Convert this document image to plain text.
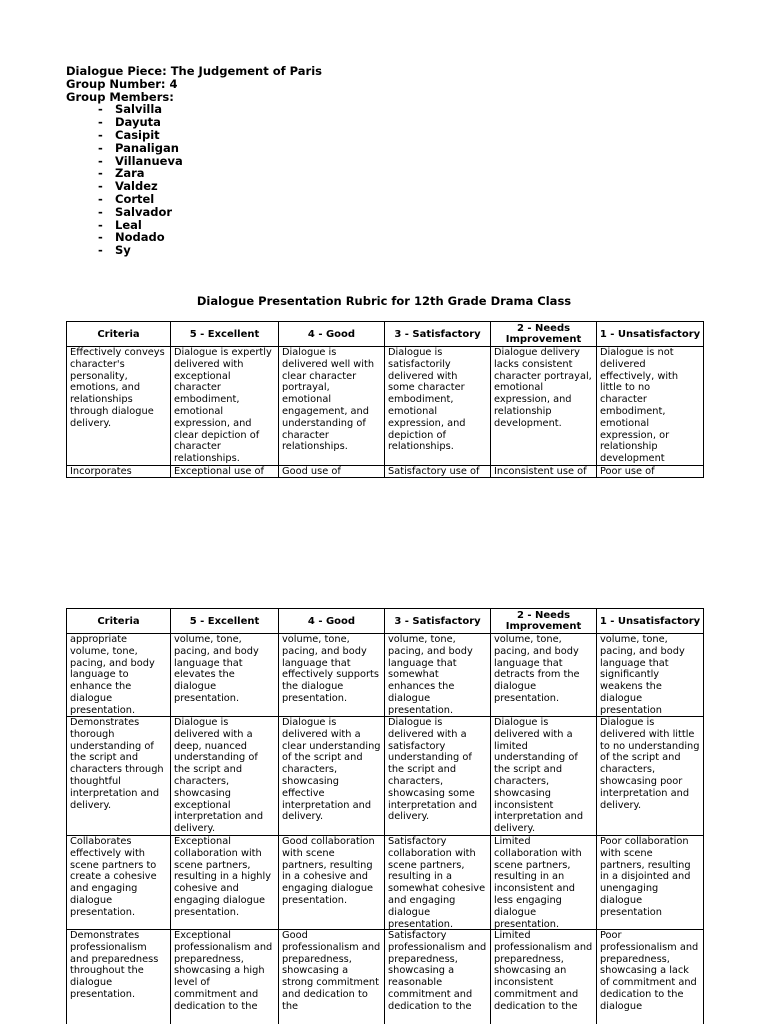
Dialogue Piece: The Judgement of Paris
Group Number: 4
Group Members:
- Salvilla
- Dayuta
- Casipit
- Panaligan
- Villanueva
- Zara
- Valdez
- Cortel
- Salvador
- Leal
- Nodado
- Sy
Dialogue Presentation Rubric for 12th Grade Drama Class
Criteria	5 - Excellent	4 - Good	3 - Satisfactory	2 - Needs Improvement	1 - Unsatisfactory

Effectively conveys character's personality, emotions, and relationships through dialogue delivery.	Dialogue is expertly delivered with exceptional character embodiment, emotional expression, and clear depiction of character relationships.	Dialogue is delivered well with clear character portrayal, emotional engagement, and understanding of character relationships.	Dialogue is satisfactorily delivered with some character embodiment, emotional expression, and depiction of relationships.	Dialogue delivery lacks consistent character portrayal, emotional expression, and relationship development.	Dialogue is not delivered effectively, with little to no character embodiment, emotional expression, or relationship development

Incorporates	Exceptional use of	Good use of	Satisfactory use of	Inconsistent use of	Poor use of
Criteria	5 - Excellent	4 - Good	3 - Satisfactory	2 - Needs Improvement	1 - Unsatisfactory

appropriate volume, tone, pacing, and body language to enhance the dialogue presentation.	volume, tone, pacing, and body language that elevates the dialogue presentation.	volume, tone, pacing, and body language that effectively supports the dialogue presentation.	volume, tone, pacing, and body language that somewhat enhances the dialogue presentation.	volume, tone, pacing, and body language that detracts from the dialogue presentation.	volume, tone, pacing, and body language that significantly weakens the dialogue presentation

Demonstrates thorough understanding of the script and characters through thoughtful interpretation and delivery.	Dialogue is delivered with a deep, nuanced understanding of the script and characters, showcasing exceptional interpretation and delivery.	Dialogue is delivered with a clear understanding of the script and characters, showcasing effective interpretation and delivery.	Dialogue is delivered with a satisfactory understanding of the script and characters, showcasing some interpretation and delivery.	Dialogue is delivered with a limited understanding of the script and characters, showcasing inconsistent interpretation and delivery.	Dialogue is delivered with little to no understanding of the script and characters, showcasing poor interpretation and delivery.

Collaborates effectively with scene partners to create a cohesive and engaging dialogue presentation.	Exceptional collaboration with scene partners, resulting in a highly cohesive and engaging dialogue presentation.	Good collaboration with scene partners, resulting in a cohesive and engaging dialogue presentation.	Satisfactory collaboration with scene partners, resulting in a somewhat cohesive and engaging dialogue presentation.	Limited collaboration with scene partners, resulting in an inconsistent and less engaging dialogue presentation.	Poor collaboration with scene partners, resulting in a disjointed and unengaging dialogue presentation

Demonstrates professionalism and preparedness throughout the dialogue presentation.	Exceptional professionalism and preparedness, showcasing a high level of commitment and dedication to the	Good professionalism and preparedness, showcasing a strong commitment and dedication to the	Satisfactory professionalism and preparedness, showcasing a reasonable commitment and dedication to the	Limited professionalism and preparedness, showcasing an inconsistent commitment and dedication to the	Poor professionalism and preparedness, showcasing a lack of commitment and dedication to the dialogue
